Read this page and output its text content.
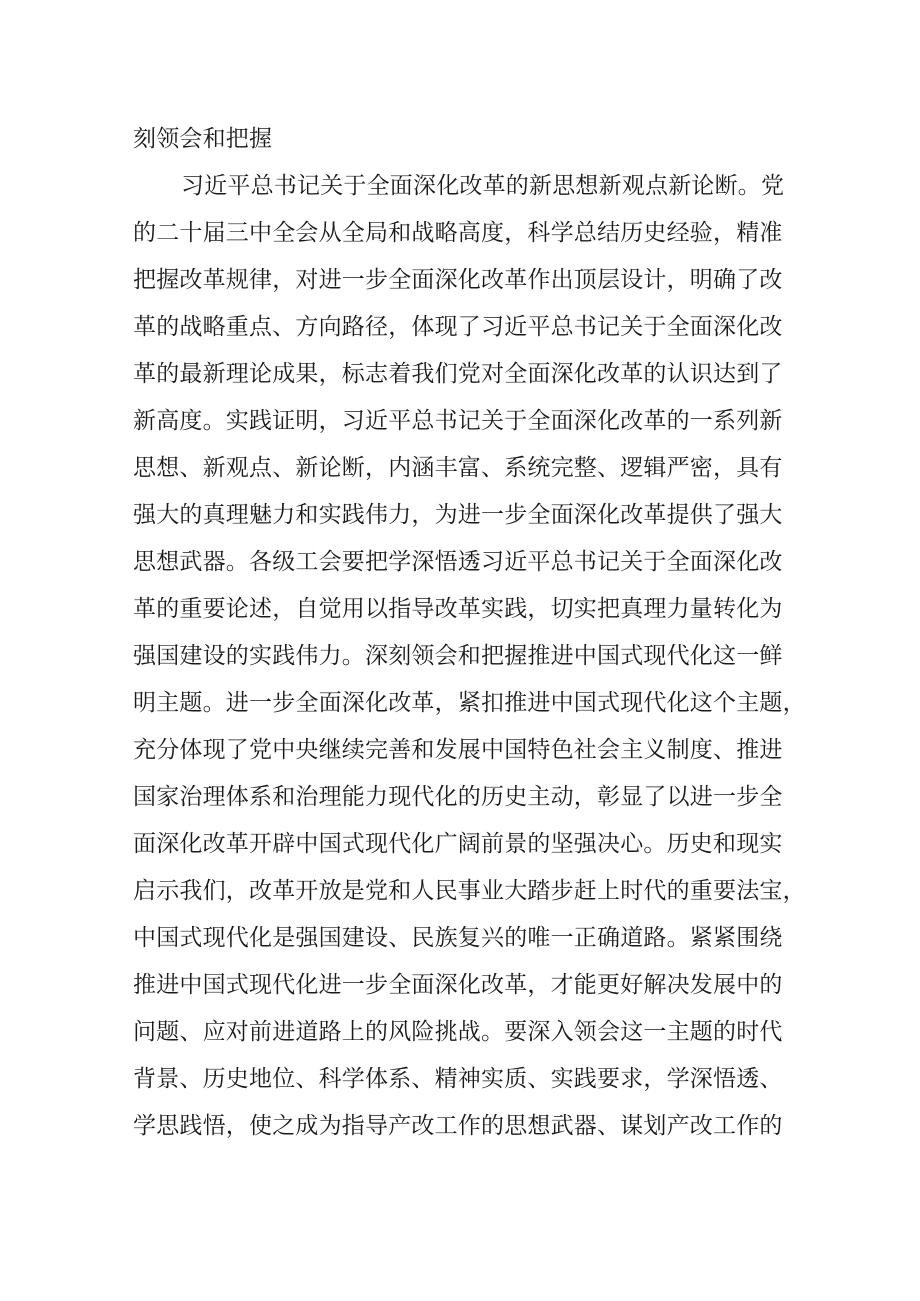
刻领会和把握
习近平总书记关于全面深化改革的新思想新观点新论断。党
的二十届三中全会从全局和战略高度，科学总结历史经验，精准
把握改革规律，对进一步全面深化改革作出顶层设计，明确了改
革的战略重点、方向路径，体现了习近平总书记关于全面深化改
革的最新理论成果，标志着我们党对全面深化改革的认识达到了
新高度。实践证明，习近平总书记关于全面深化改革的一系列新
思想、新观点、新论断，内涵丰富、系统完整、逻辑严密，具有
强大的真理魅力和实践伟力，为进一步全面深化改革提供了强大
思想武器。各级工会要把学深悟透习近平总书记关于全面深化改
革的重要论述，自觉用以指导改革实践，切实把真理力量转化为
强国建设的实践伟力。深刻领会和把握推进中国式现代化这一鲜
明主题。进一步全面深化改革，紧扣推进中国式现代化这个主题，
充分体现了党中央继续完善和发展中国特色社会主义制度、推进
国家治理体系和治理能力现代化的历史主动，彰显了以进一步全
面深化改革开辟中国式现代化广阔前景的坚强决心。历史和现实
启示我们，改革开放是党和人民事业大踏步赶上时代的重要法宝，
中国式现代化是强国建设、民族复兴的唯一正确道路。紧紧围绕
推进中国式现代化进一步全面深化改革，才能更好解决发展中的
问题、应对前进道路上的风险挑战。要深入领会这一主题的时代
背景、历史地位、科学体系、精神实质、实践要求，学深悟透、
学思践悟，使之成为指导产改工作的思想武器、谋划产改工作的
